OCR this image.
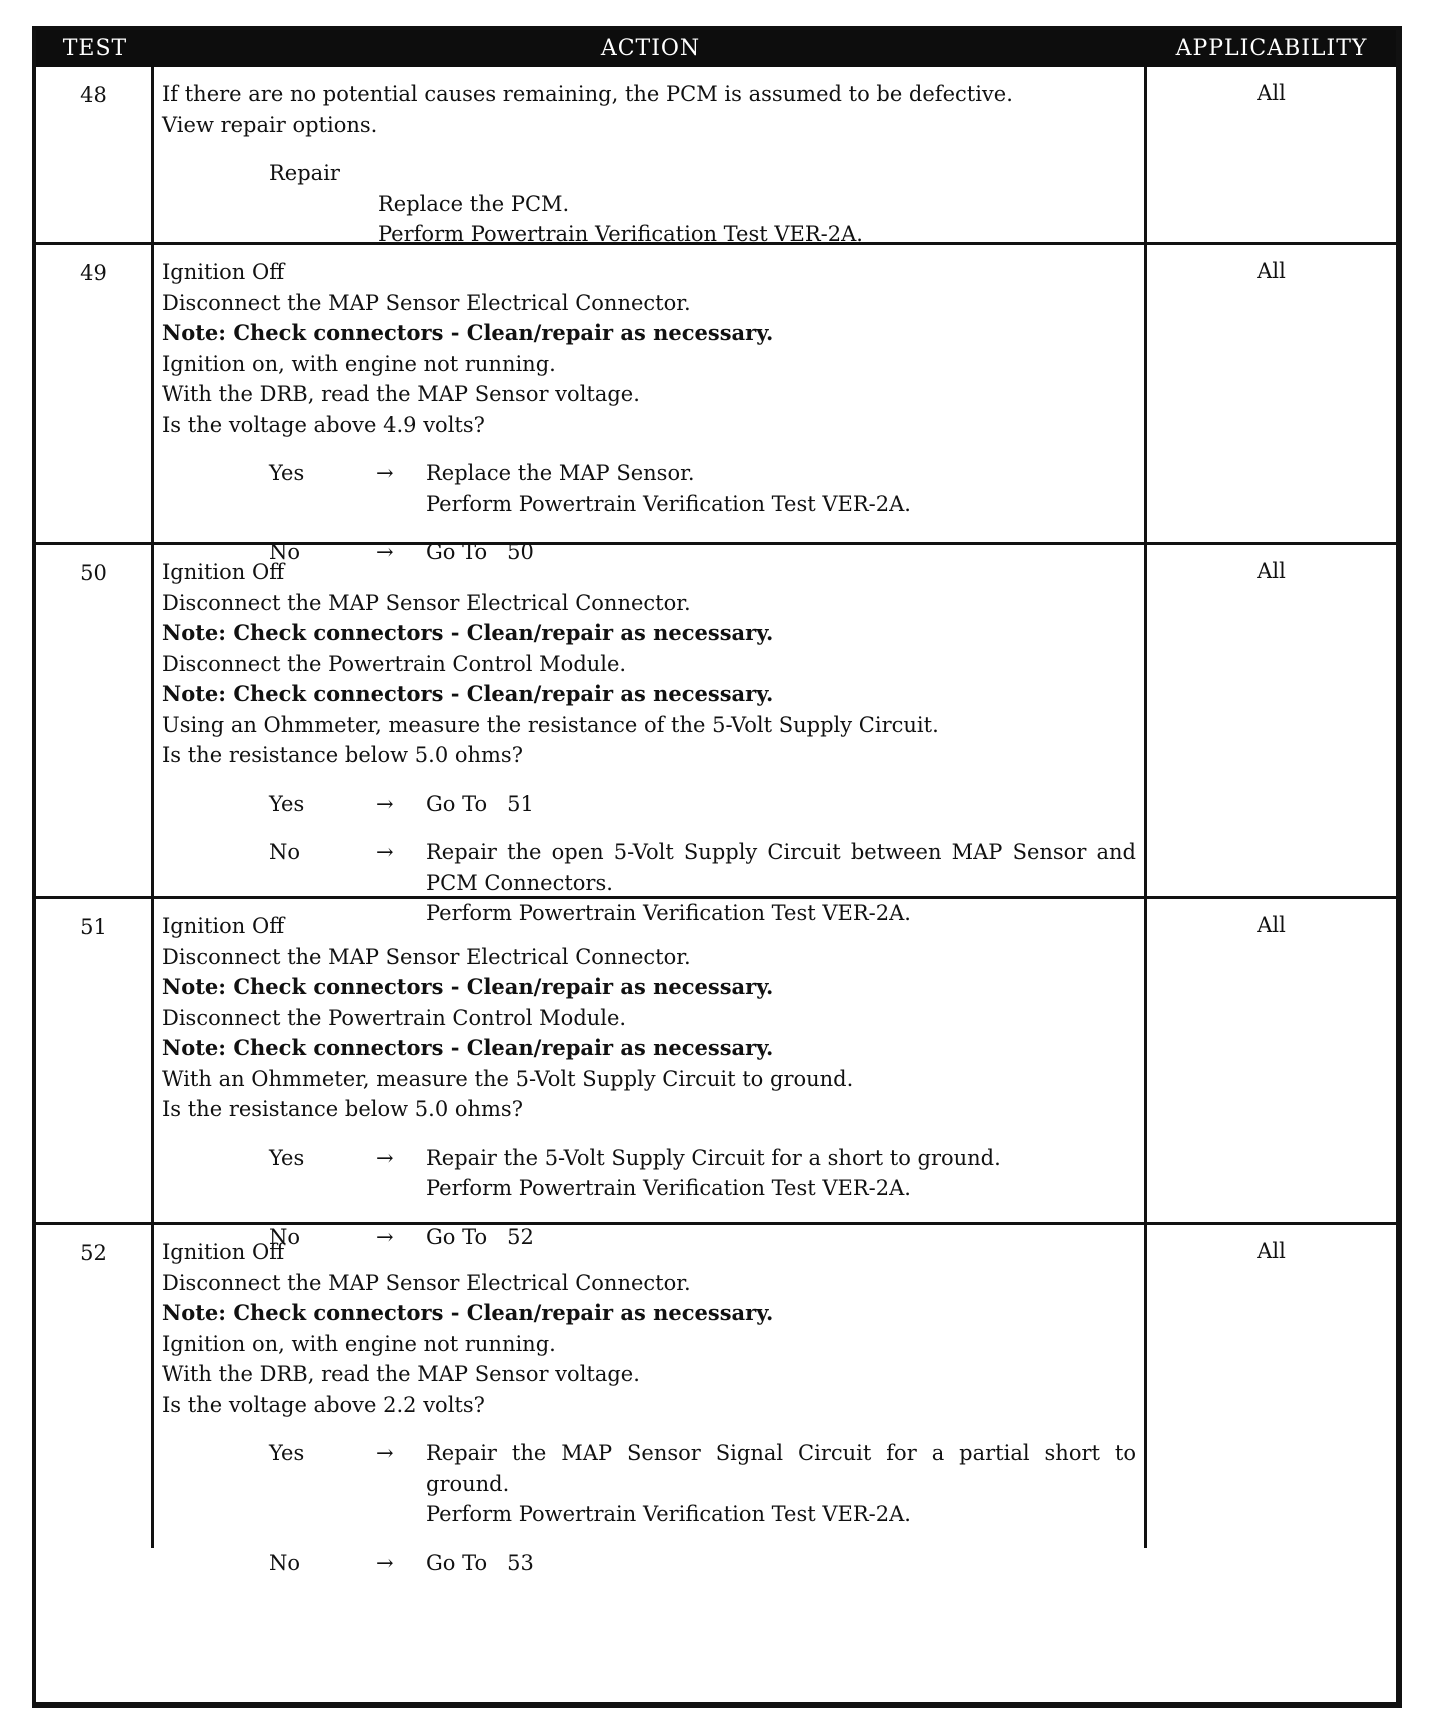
TEST	ACTION	APPLICABILITY
48	If there are no potential causes remaining, the PCM is assumed to be defective.
View repair options.
Repair
Replace the PCM.
Perform Powertrain Verification Test VER-2A.
All
49	Ignition Off
Disconnect the MAP Sensor Electrical Connector.
Note: Check connectors - Clean/repair as necessary.
Ignition on, with engine not running.
With the DRB, read the MAP Sensor voltage.
Is the voltage above 4.9 volts?
Yes	→	Replace the MAP Sensor.
Perform Powertrain Verification Test VER-2A.
No	→	Go To   50
All
50	Ignition Off
Disconnect the MAP Sensor Electrical Connector.
Note: Check connectors - Clean/repair as necessary.
Disconnect the Powertrain Control Module.
Note: Check connectors - Clean/repair as necessary.
Using an Ohmmeter, measure the resistance of the 5-Volt Supply Circuit.
Is the resistance below 5.0 ohms?
Yes	→	Go To   51
No	→	Repair the open 5-Volt Supply Circuit between MAP Sensor and PCM Connectors.
Perform Powertrain Verification Test VER-2A.
All
51	Ignition Off
Disconnect the MAP Sensor Electrical Connector.
Note: Check connectors - Clean/repair as necessary.
Disconnect the Powertrain Control Module.
Note: Check connectors - Clean/repair as necessary.
With an Ohmmeter, measure the 5-Volt Supply Circuit to ground.
Is the resistance below 5.0 ohms?
Yes	→	Repair the 5-Volt Supply Circuit for a short to ground.
Perform Powertrain Verification Test VER-2A.
No	→	Go To   52
All
52	Ignition Off
Disconnect the MAP Sensor Electrical Connector.
Note: Check connectors - Clean/repair as necessary.
Ignition on, with engine not running.
With the DRB, read the MAP Sensor voltage.
Is the voltage above 2.2 volts?
Yes	→	Repair the MAP Sensor Signal Circuit for a partial short to ground.
Perform Powertrain Verification Test VER-2A.
No	→	Go To   53
All
